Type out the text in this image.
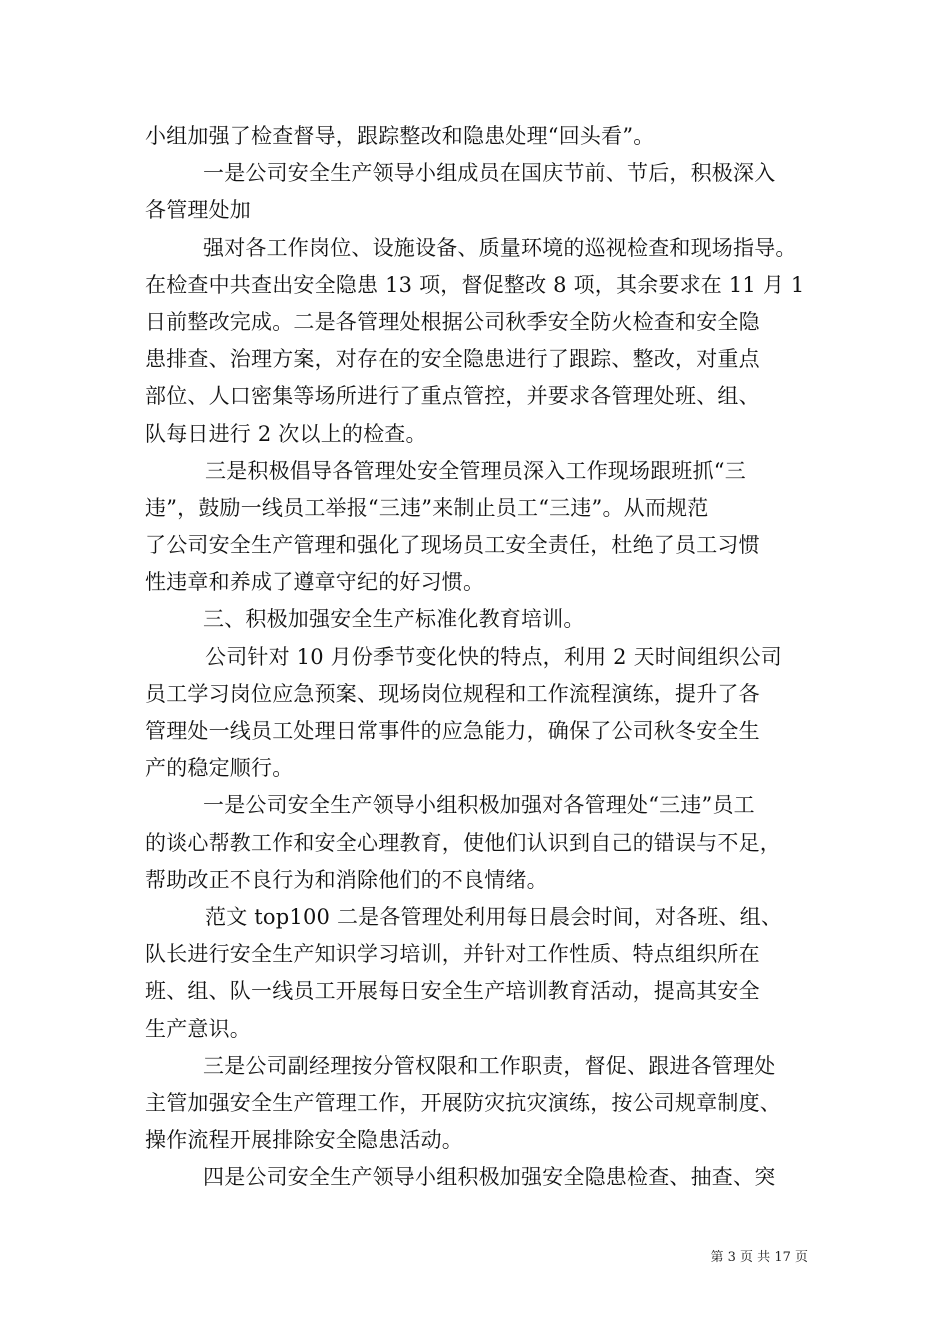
小组加强了检查督导，跟踪整改和隐患处理“回头看”。
一是公司安全生产领导小组成员在国庆节前、节后，积极深入
各管理处加
强对各工作岗位、设施设备、质量环境的巡视检查和现场指导。
在检查中共查出安全隐患 13 项，督促整改 8 项，其余要求在 11 月 1
日前整改完成。二是各管理处根据公司秋季安全防火检查和安全隐
患排查、治理方案，对存在的安全隐患进行了跟踪、整改，对重点
部位、人口密集等场所进行了重点管控，并要求各管理处班、组、
队每日进行 2 次以上的检查。
三是积极倡导各管理处安全管理员深入工作现场跟班抓“三
违”，鼓励一线员工举报“三违”来制止员工“三违”。从而规范
了公司安全生产管理和强化了现场员工安全责任，杜绝了员工习惯
性违章和养成了遵章守纪的好习惯。
三、积极加强安全生产标准化教育培训。
公司针对 10 月份季节变化快的特点，利用 2 天时间组织公司
员工学习岗位应急预案、现场岗位规程和工作流程演练，提升了各
管理处一线员工处理日常事件的应急能力，确保了公司秋冬安全生
产的稳定顺行。
一是公司安全生产领导小组积极加强对各管理处“三违”员工
的谈心帮教工作和安全心理教育，使他们认识到自己的错误与不足，
帮助改正不良行为和消除他们的不良情绪。
范文 top100 二是各管理处利用每日晨会时间，对各班、组、
队长进行安全生产知识学习培训，并针对工作性质、特点组织所在
班、组、队一线员工开展每日安全生产培训教育活动，提高其安全
生产意识。
三是公司副经理按分管权限和工作职责，督促、跟进各管理处
主管加强安全生产管理工作，开展防灾抗灾演练，按公司规章制度、
操作流程开展排除安全隐患活动。
四是公司安全生产领导小组积极加强安全隐患检查、抽查、突
第 3 页 共 17 页
